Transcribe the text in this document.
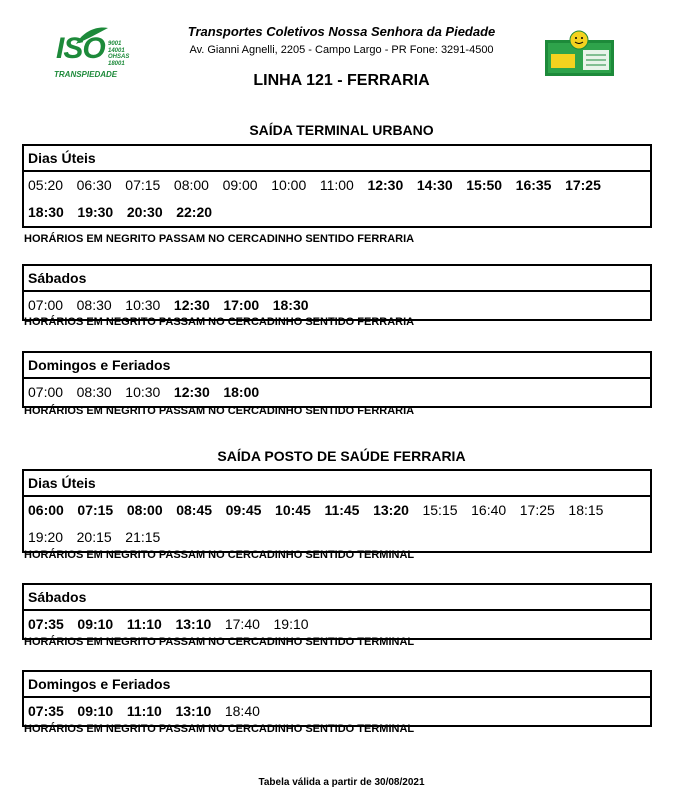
ISO 9001
14001
OHSAS
18001
TRANSPIEDADE
Transportes Coletivos Nossa Senhora da Piedade
Av. Gianni Agnelli, 2205 - Campo Largo - PR Fone: 3291-4500
LINHA 121 - FERRARIA
SAÍDA TERMINAL URBANO
Dias Úteis
05:20 06:30 07:15 08:00 09:00 10:00 11:00 12:30 14:30 15:50 16:35 17:25
18:30 19:30 20:30 22:20
HORÁRIOS EM NEGRITO PASSAM NO CERCADINHO SENTIDO FERRARIA
Sábados
07:00 08:30 10:30 12:30 17:00 18:30
HORÁRIOS EM NEGRITO PASSAM NO CERCADINHO SENTIDO FERRARIA
Domingos e Feriados
07:00 08:30 10:30 12:30 18:00
HORÁRIOS EM NEGRITO PASSAM NO CERCADINHO SENTIDO FERRARIA
SAÍDA POSTO DE SAÚDE FERRARIA
Dias Úteis
06:00 07:15 08:00 08:45 09:45 10:45 11:45 13:20 15:15 16:40 17:25 18:15
19:20 20:15 21:15
HORÁRIOS EM NEGRITO PASSAM NO CERCADINHO SENTIDO TERMINAL
Sábados
07:35 09:10 11:10 13:10 17:40 19:10
HORÁRIOS EM NEGRITO PASSAM NO CERCADINHO SENTIDO TERMINAL
Domingos e Feriados
07:35 09:10 11:10 13:10 18:40
HORÁRIOS EM NEGRITO PASSAM NO CERCADINHO SENTIDO TERMINAL
Tabela válida a partir de 30/08/2021
